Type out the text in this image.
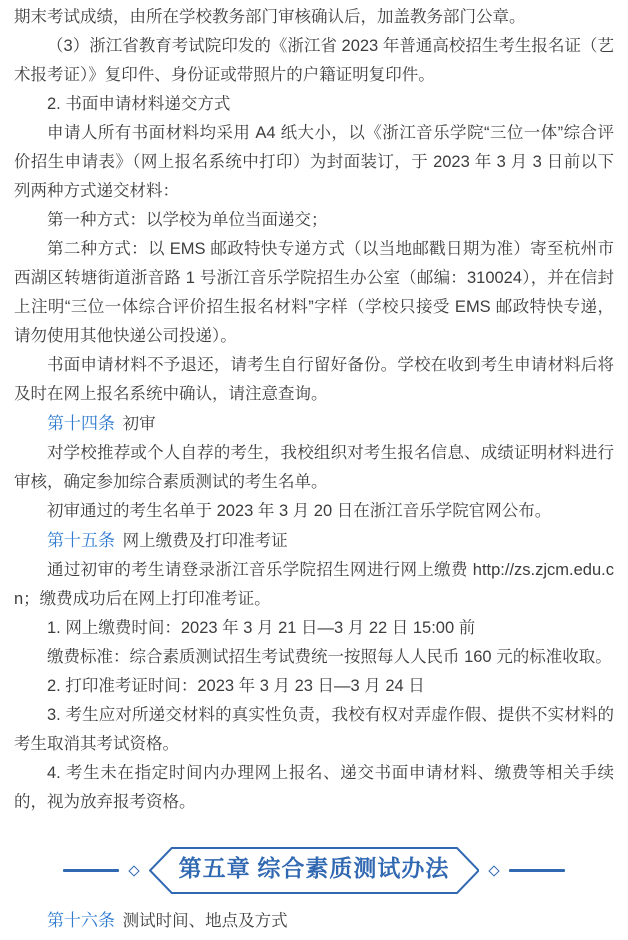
期末考试成绩，由所在学校教务部门审核确认后，加盖教务部门公章。

（3）浙江省教育考试院印发的《浙江省 2023 年普通高校招生考生报名证（艺术报考证）》复印件、身份证或带照片的户籍证明复印件。

2. 书面申请材料递交方式

申请人所有书面材料均采用 A4 纸大小，以《浙江音乐学院“三位一体”综合评价招生申请表》（网上报名系统中打印）为封面装订，于 2023 年 3 月 3 日前以下列两种方式递交材料：

第一种方式：以学校为单位当面递交；

第二种方式：以 EMS 邮政特快专递方式（以当地邮戳日期为准）寄至杭州市西湖区转塘街道浙音路 1 号浙江音乐学院招生办公室（邮编：310024），并在信封上注明“三位一体综合评价招生报名材料”字样（学校只接受 EMS 邮政特快专递，请勿使用其他快递公司投递）。

书面申请材料不予退还，请考生自行留好备份。学校在收到考生申请材料后将及时在网上报名系统中确认，请注意查询。

第十四条 初审

对学校推荐或个人自荐的考生，我校组织对考生报名信息、成绩证明材料进行审核，确定参加综合素质测试的考生名单。

初审通过的考生名单于 2023 年 3 月 20 日在浙江音乐学院官网公布。

第十五条 网上缴费及打印准考证

通过初审的考生请登录浙江音乐学院招生网进行网上缴费 http://zs.zjcm.edu.cn；缴费成功后在网上打印准考证。

1. 网上缴费时间：2023 年 3 月 21 日—3 月 22 日 15:00 前

缴费标准：综合素质测试招生考试费统一按照每人人民币 160 元的标准收取。

2. 打印准考证时间：2023 年 3 月 23 日—3 月 24 日

3. 考生应对所递交材料的真实性负责，我校有权对弄虚作假、提供不实材料的考生取消其考试资格。

4. 考生未在指定时间内办理网上报名、递交书面申请材料、缴费等相关手续的，视为放弃报考资格。

第五章 综合素质测试办法

第十六条 测试时间、地点及方式
